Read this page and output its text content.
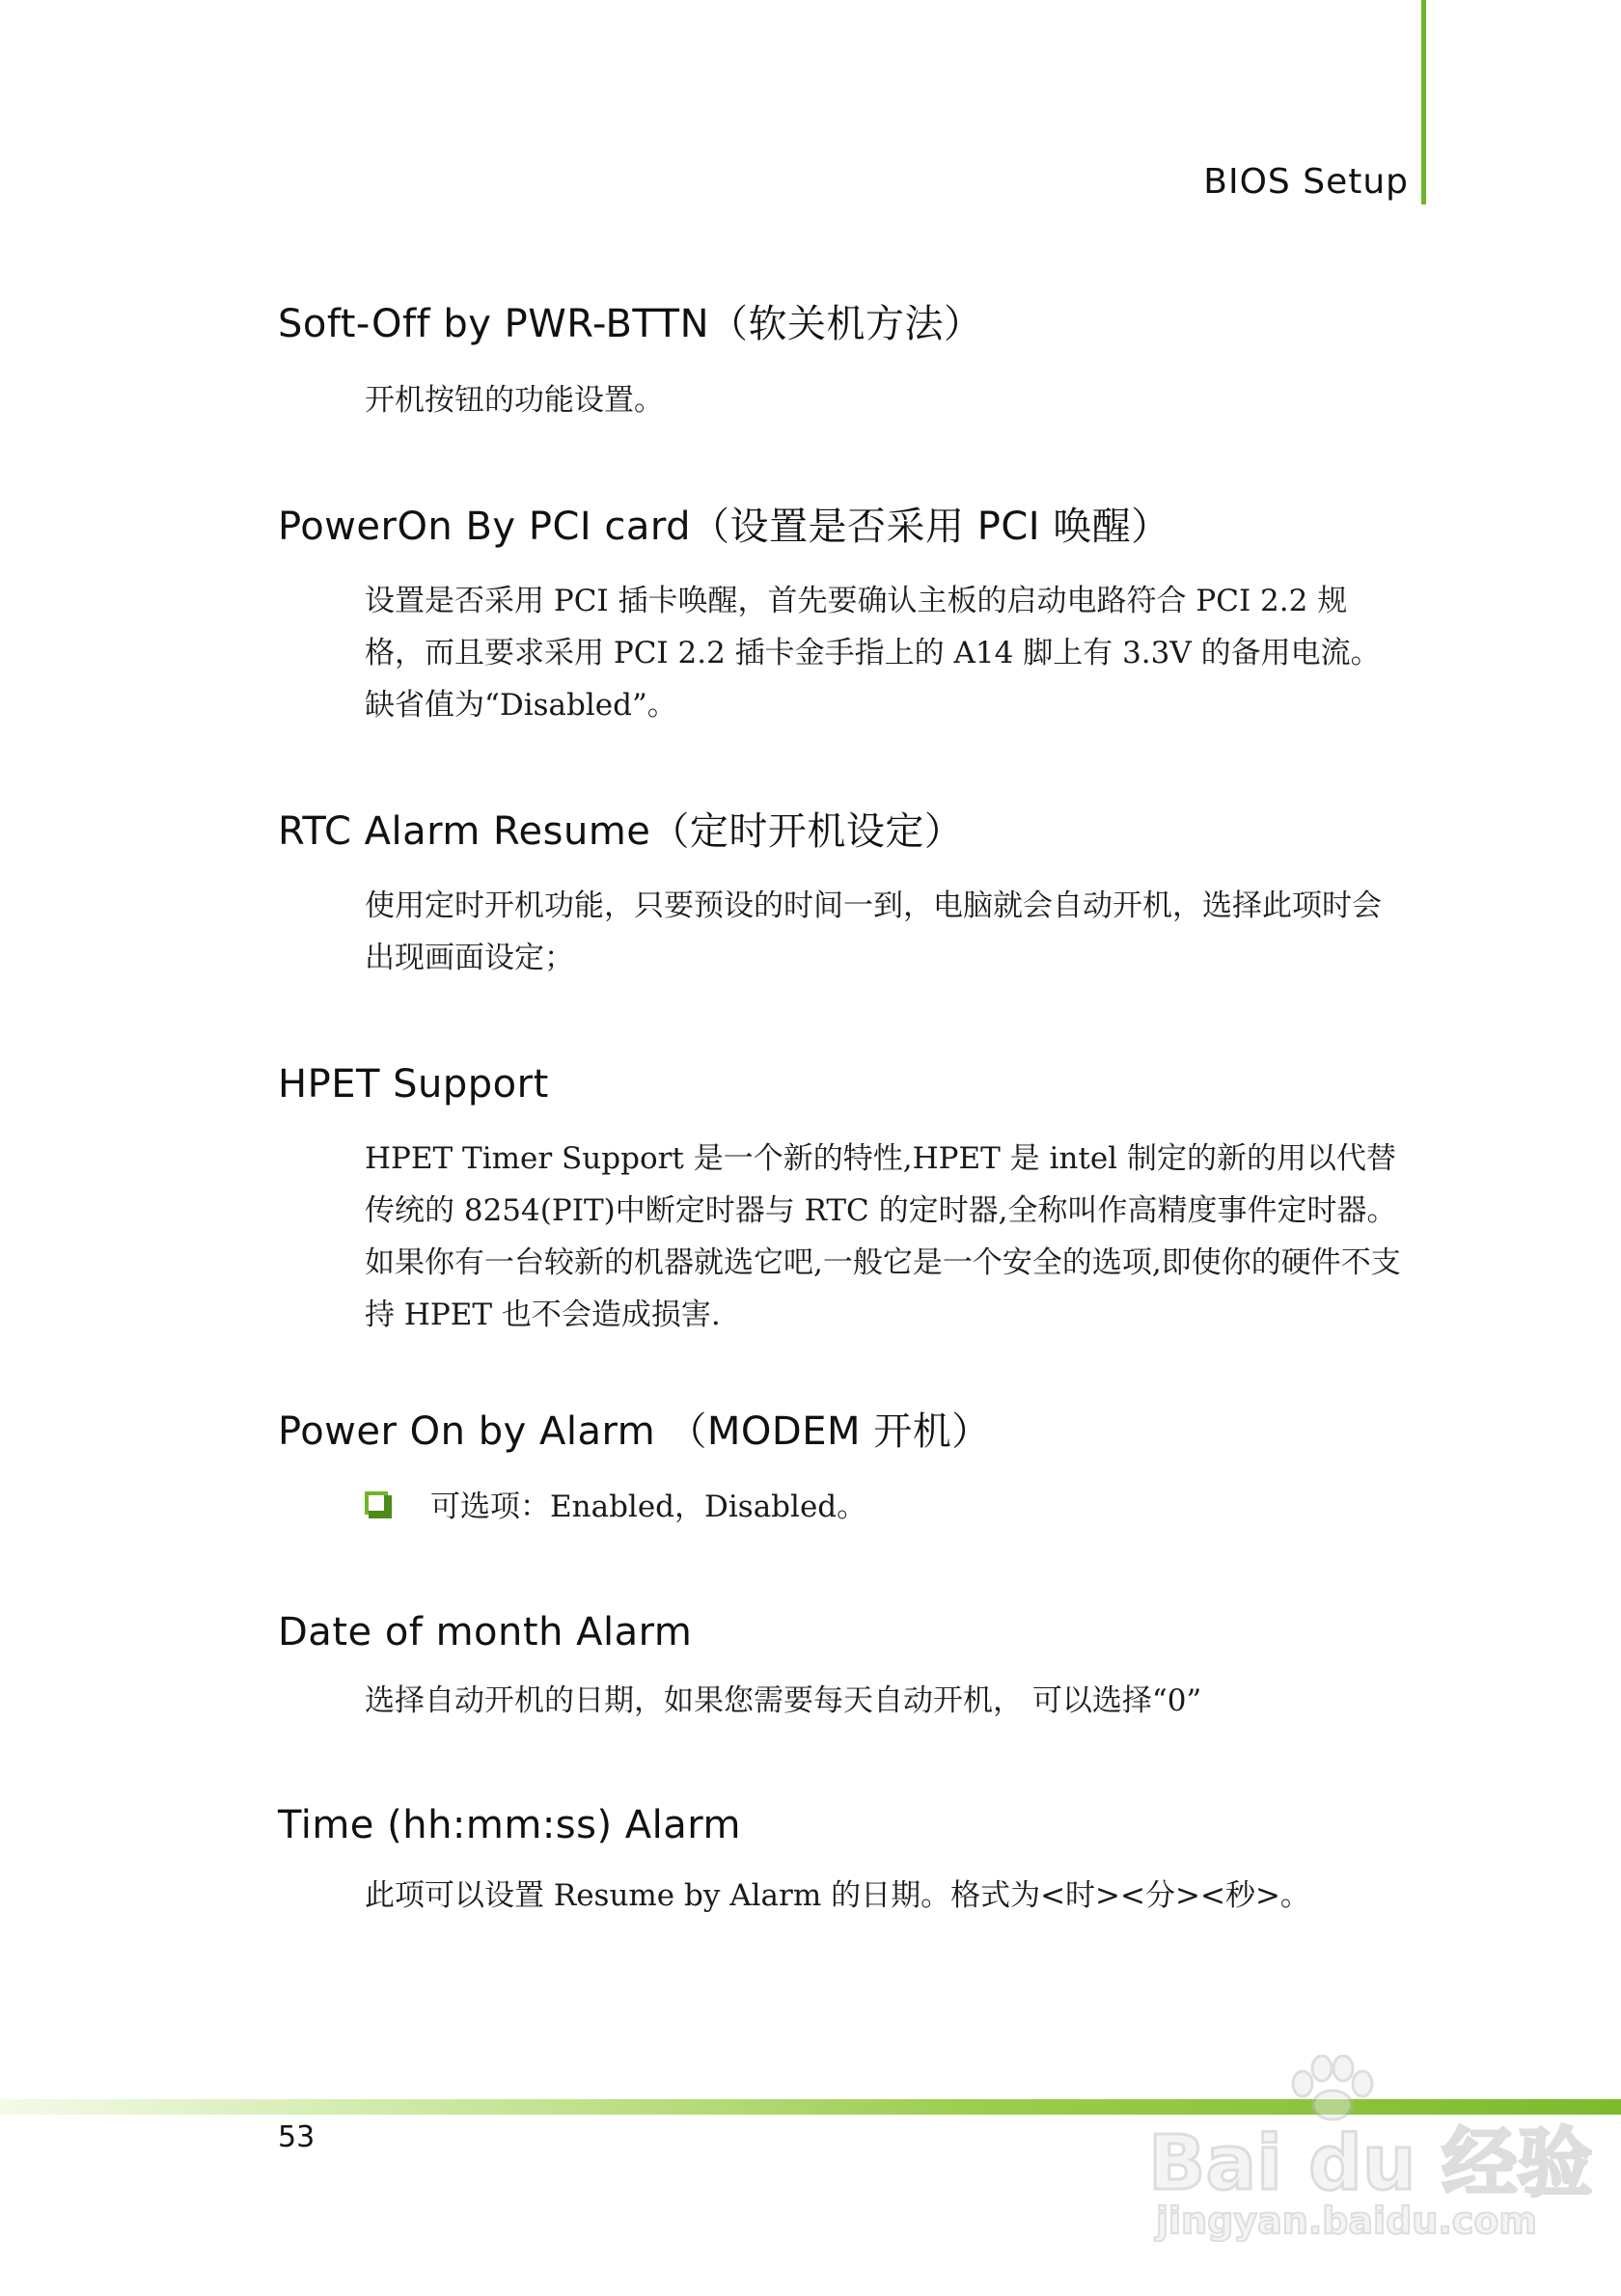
BIOS Setup
Soft-Off by PWR-BTTN（软关机方法）

开机按钮的功能设置。

PowerOn By PCI card（设置是否采用 PCI 唤醒）

设置是否采用 PCI 插卡唤醒，首先要确认主板的启动电路符合 PCI 2.2 规格，而且要求采用 PCI 2.2 插卡金手指上的 A14 脚上有 3.3V 的备用电流。缺省值为“Disabled”。

RTC Alarm Resume（定时开机设定）

使用定时开机功能，只要预设的时间一到，电脑就会自动开机，选择此项时会出现画面设定；

HPET Support

HPET Timer Support 是一个新的特性,HPET 是 intel 制定的新的用以代替传统的 8254(PIT)中断定时器与 RTC 的定时器,全称叫作高精度事件定时器。如果你有一台较新的机器就选它吧,一般它是一个安全的选项,即使你的硬件不支持 HPET 也不会造成损害.

Power On by Alarm （MODEM 开机）
可选项：Enabled，Disabled。
Date of month Alarm

选择自动开机的日期，如果您需要每天自动开机， 可以选择“0”

Time (hh:mm:ss) Alarm

此项可以设置 Resume by Alarm 的日期。格式为<时><分><秒>。

53	Bai du 经验
jingyan.baidu.com
